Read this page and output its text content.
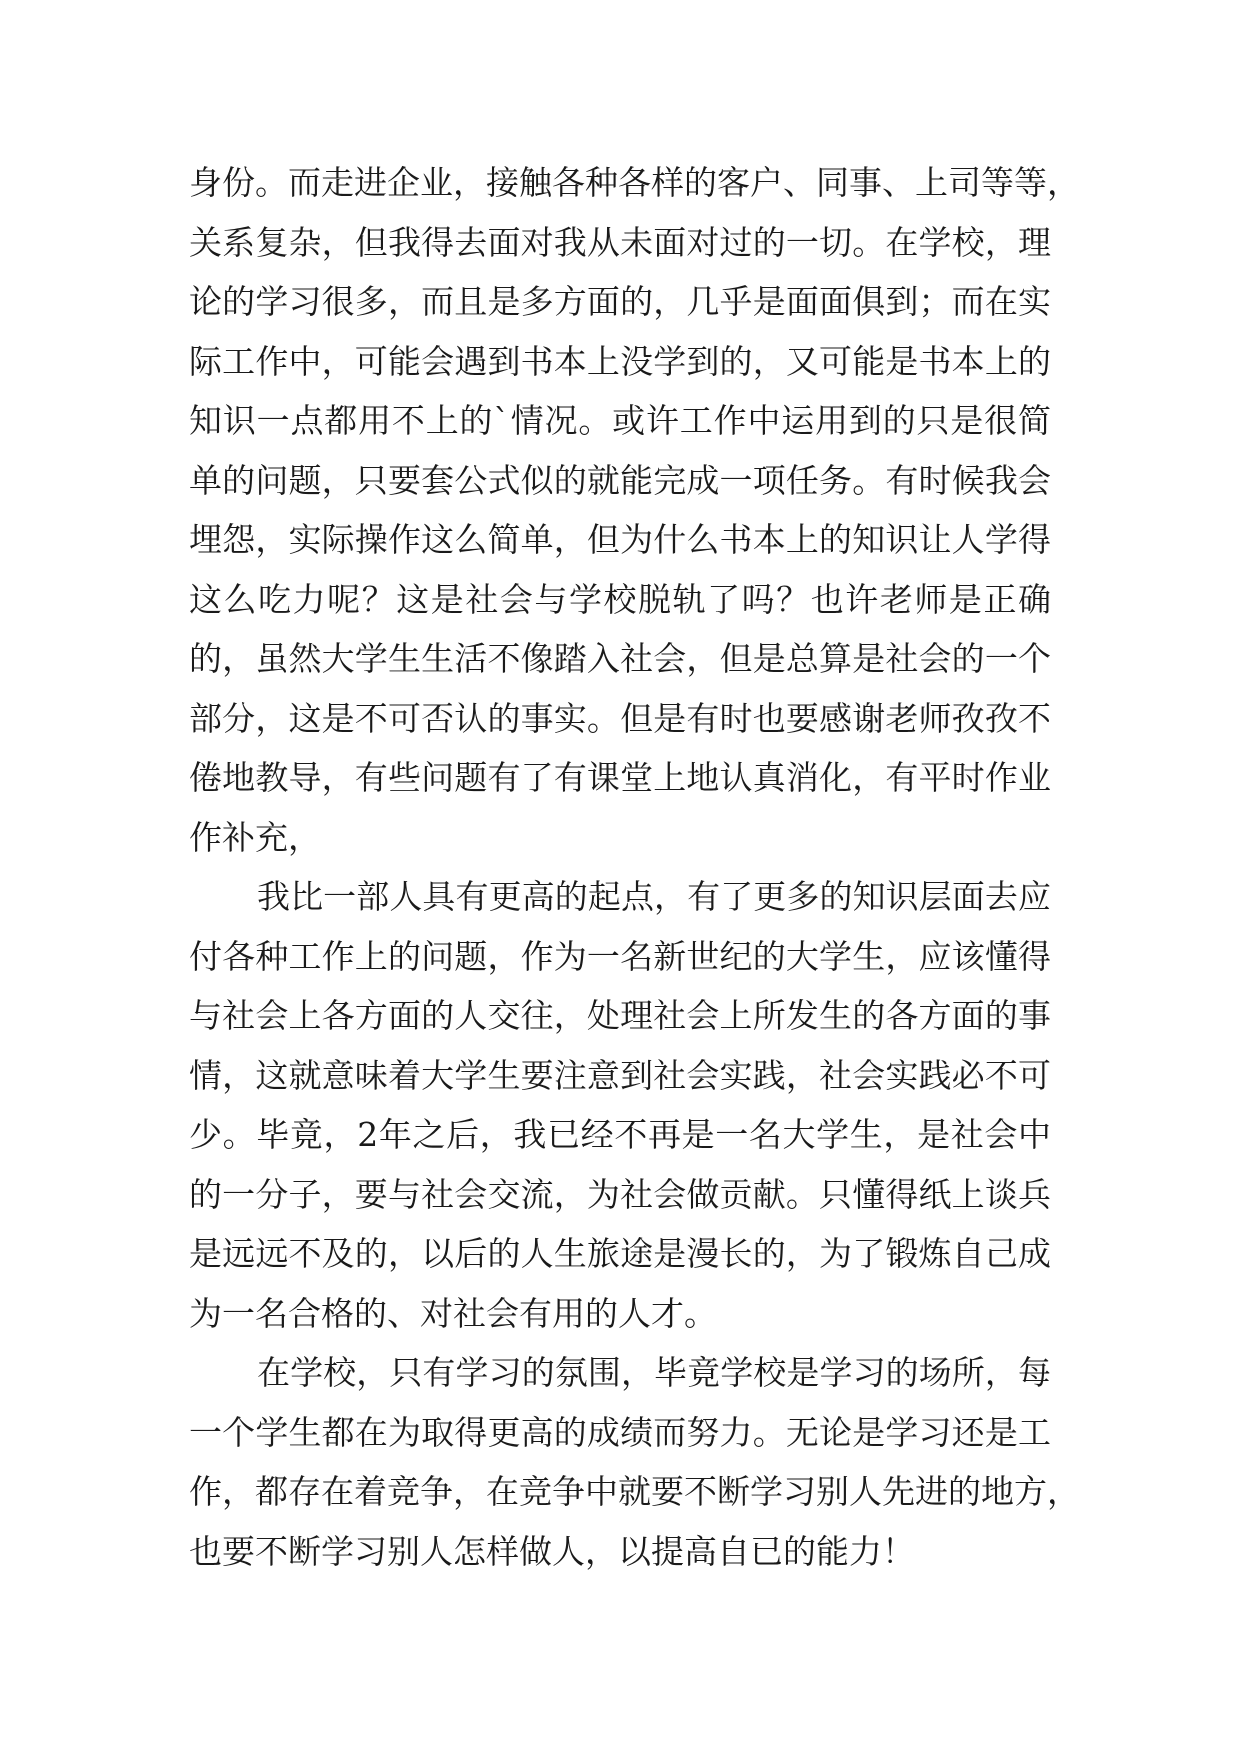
身份。而走进企业，接触各种各样的客户、同事、上司等等，
关系复杂，但我得去面对我从未面对过的一切。在学校，理
论的学习很多，而且是多方面的，几乎是面面俱到；而在实
际工作中，可能会遇到书本上没学到的，又可能是书本上的
知识一点都用不上的`情况。或许工作中运用到的只是很简
单的问题，只要套公式似的就能完成一项任务。有时候我会
埋怨，实际操作这么简单，但为什么书本上的知识让人学得
这么吃力呢？这是社会与学校脱轨了吗？也许老师是正确
的，虽然大学生生活不像踏入社会，但是总算是社会的一个
部分，这是不可否认的事实。但是有时也要感谢老师孜孜不
倦地教导，有些问题有了有课堂上地认真消化，有平时作业
作补充，
我比一部人具有更高的起点，有了更多的知识层面去应
付各种工作上的问题，作为一名新世纪的大学生，应该懂得
与社会上各方面的人交往，处理社会上所发生的各方面的事
情，这就意味着大学生要注意到社会实践，社会实践必不可
少。毕竟，2年之后，我已经不再是一名大学生，是社会中
的一分子，要与社会交流，为社会做贡献。只懂得纸上谈兵
是远远不及的，以后的人生旅途是漫长的，为了锻炼自己成
为一名合格的、对社会有用的人才。
在学校，只有学习的氛围，毕竟学校是学习的场所，每
一个学生都在为取得更高的成绩而努力。无论是学习还是工
作，都存在着竞争，在竞争中就要不断学习别人先进的地方，
也要不断学习别人怎样做人，以提高自已的能力！
